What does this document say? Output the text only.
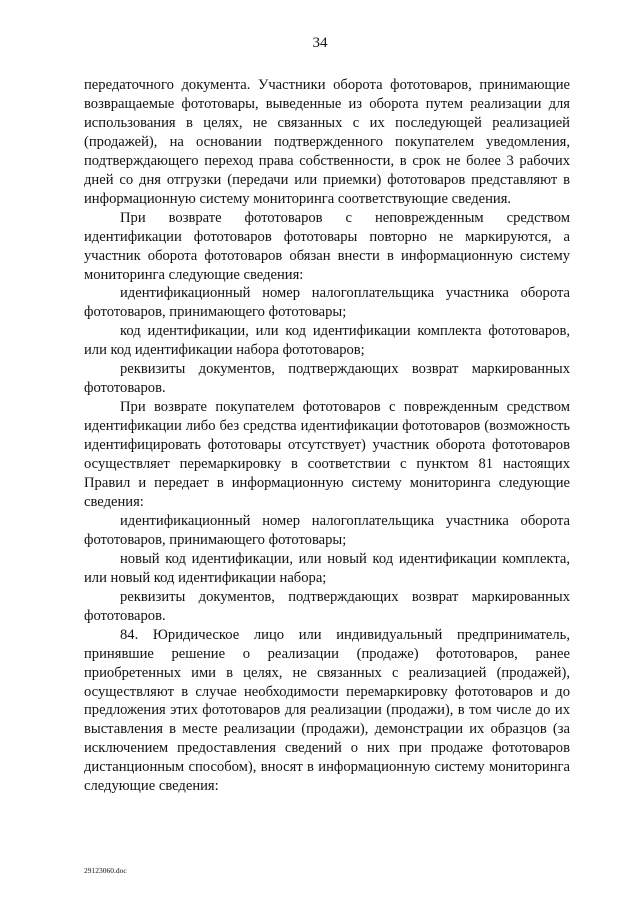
34

передаточного документа. Участники оборота фототоваров, принимающие возвращаемые фототовары, выведенные из оборота путем реализации для использования в целях, не связанных с их последующей реализацией (продажей), на основании подтвержденного покупателем уведомления, подтверждающего переход права собственности, в срок не более 3 рабочих дней со дня отгрузки (передачи или приемки) фототоваров представляют в информационную систему мониторинга соответствующие сведения.

При возврате фототоваров с неповрежденным средством идентификации фототоваров фототовары повторно не маркируются, а участник оборота фототоваров обязан внести в информационную систему мониторинга следующие сведения:

идентификационный номер налогоплательщика участника оборота фототоваров, принимающего фототовары;

код идентификации, или код идентификации комплекта фототоваров, или код идентификации набора фототоваров;

реквизиты документов, подтверждающих возврат маркированных фототоваров.

При возврате покупателем фототоваров с поврежденным средством идентификации либо без средства идентификации фототоваров (возможность идентифицировать фототовары отсутствует) участник оборота фототоваров осуществляет перемаркировку в соответствии с пунктом 81 настоящих Правил и передает в информационную систему мониторинга следующие сведения:

идентификационный номер налогоплательщика участника оборота фототоваров, принимающего фототовары;

новый код идентификации, или новый код идентификации комплекта, или новый код идентификации набора;

реквизиты документов, подтверждающих возврат маркированных фототоваров.

84. Юридическое лицо или индивидуальный предприниматель, принявшие решение о реализации (продаже) фототоваров, ранее приобретенных ими в целях, не связанных с реализацией (продажей), осуществляют в случае необходимости перемаркировку фототоваров и до предложения этих фототоваров для реализации (продажи), в том числе до их выставления в месте реализации (продажи), демонстрации их образцов (за исключением предоставления сведений о них при продаже фототоваров дистанционным способом), вносят в информационную систему мониторинга следующие сведения:

29123060.doc
